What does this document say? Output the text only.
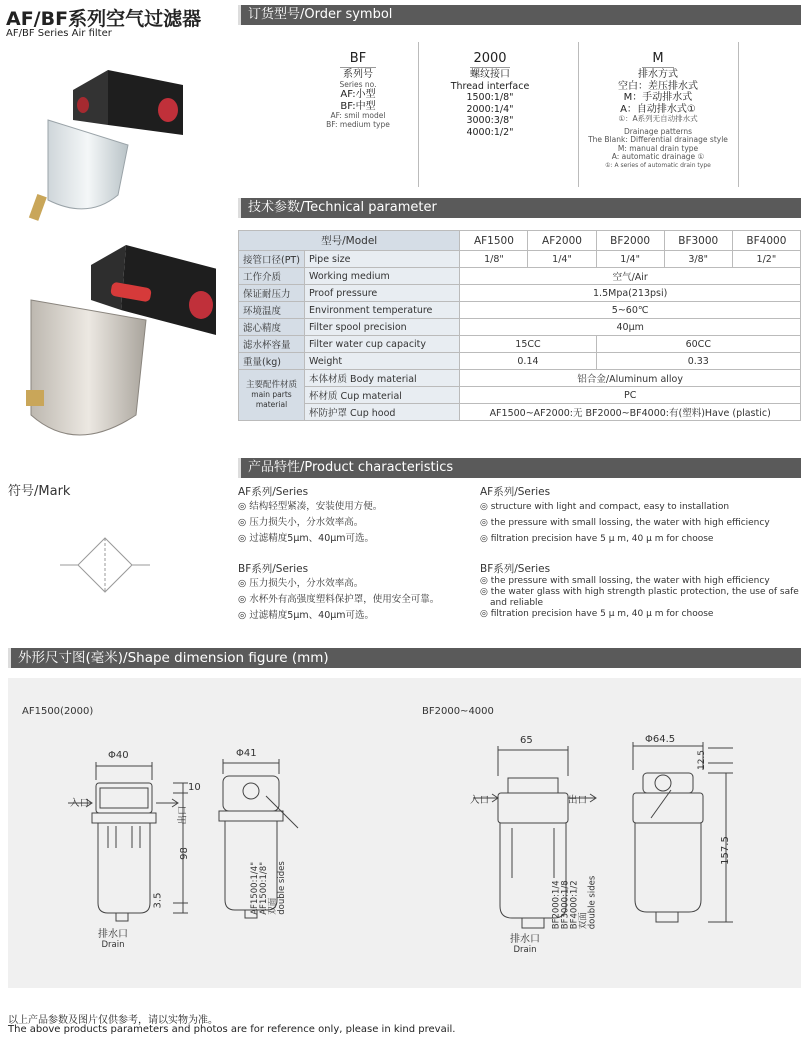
AF/BF系列空气过滤器
AF/BF Series Air filter
订货型号/Order symbol
BF
系列号
Series no.
AF:小型
BF:中型
AF: smil model
BF: medium type
2000
螺纹接口
Thread interface
1500:1/8"
2000:1/4"
3000:3/8"
4000:1/2"
M
排水方式
空白：差压排水式
M：手动排水式
A：自动排水式①
①：A系列无自动排水式
Drainage patterns
The Blank: Differential drainage style
M: manual drain type
A: automatic drainage ①
①: A series of automatic drain type
技术参数/Technical parameter
型号/Model		AF1500	AF2000	BF2000	BF3000	BF4000
接管口径(PT)	Pipe size	1/8"	1/4"	1/4"	3/8"	1/2"
工作介质	Working medium	空气/Air				
保证耐压力	Proof pressure	1.5Mpa(213psi)				
环境温度	Environment temperature	5~60℃				
滤心精度	Filter spool precision	40μm				
滤水杯容量	Filter water cup capacity	15CC		60CC		
重量(kg)	Weight	0.14		0.33		
主要配件材质
main parts material	本体材质 Body material	铝合金/Aluminum alloy				
	杯材质 Cup material	PC				
	杯防护罩 Cup hood	AF1500~AF2000:无 BF2000~BF4000:有(塑料)Have (plastic)				
符号/Mark
产品特性/Product characteristics
AF系列/Series
◎ 结构轻型紧凑，安装使用方便。
◎ 压力损失小，分水效率高。
◎ 过滤精度5μm、40μm可选。
BF系列/Series
◎ 压力损失小，分水效率高。
◎ 水杯外有高强度塑料保护罩，使用安全可靠。
◎ 过滤精度5μm、40μm可选。
AF系列/Series
◎ structure with light and compact, easy to installation
◎ the pressure with small lossing, the water with high efficiency
◎ filtration precision have 5 μ m, 40 μ m for choose
BF系列/Series
◎ the pressure with small lossing, the water with high efficiency
◎ the water glass with high strength plastic protection, the use of safe
and reliable
◎ filtration precision have 5 μ m, 40 μ m for choose
外形尺寸图(毫米)/Shape dimension figure (mm)
AF1500(2000)	BF2000~4000
Φ40
10
98
3.5
入口
出口
排水口
Drain
Φ41
AF1500:1/4" AF1500:1/8" 双面 double sides
65
入口	出口
排水口
Drain
Φ64.5
12.5
157.5
BF2000:1/4 BF3000:1/8 BF4000:1/2 双面 double sides
以上产品参数及图片仅供参考，请以实物为准。
The above products parameters and photos are for reference only, please in kind prevail.
